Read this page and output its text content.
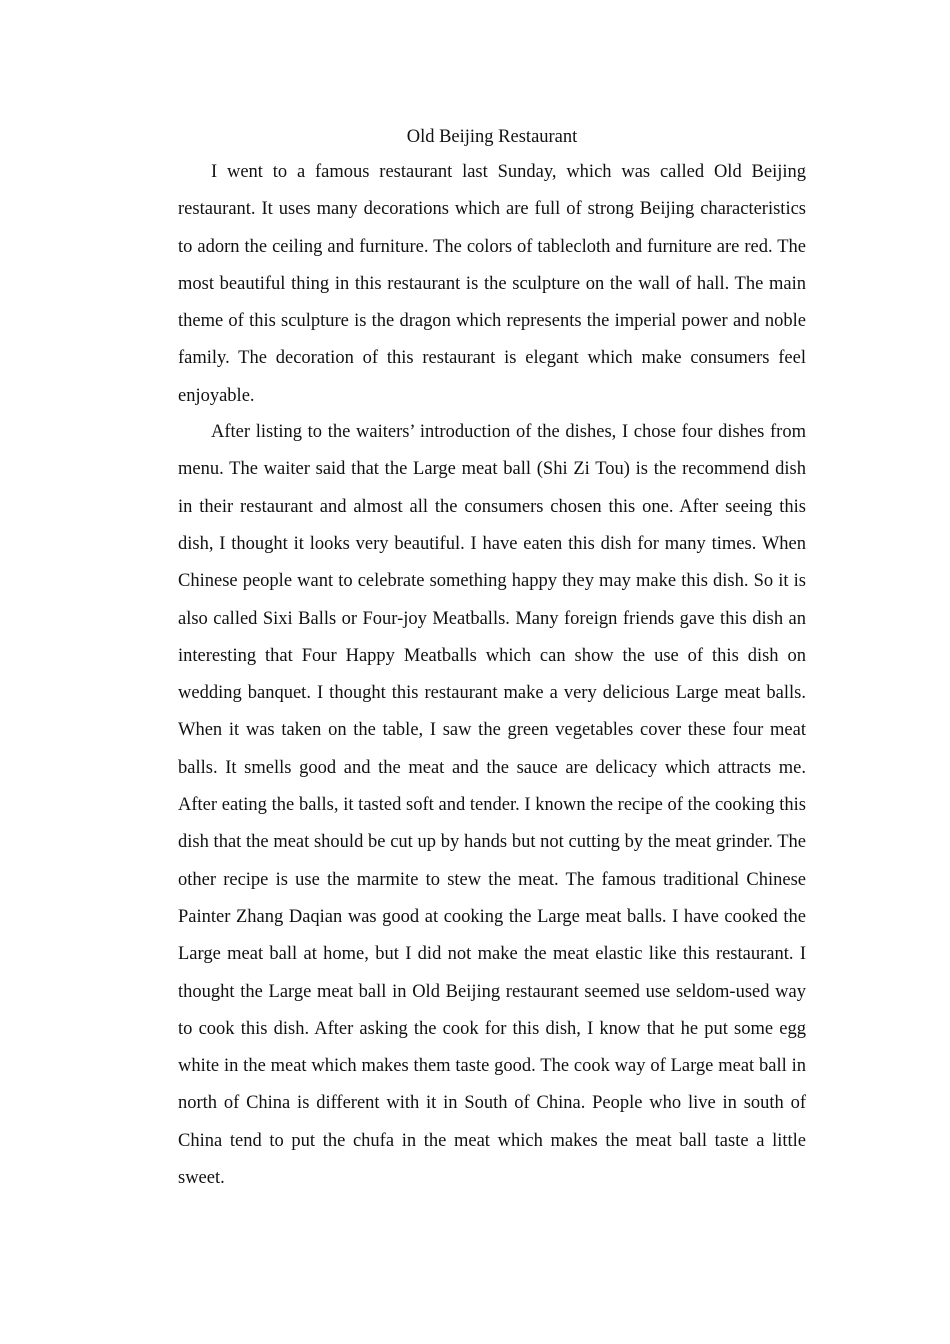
Old Beijing Restaurant

I went to a famous restaurant last Sunday, which was called Old Beijing restaurant. It uses many decorations which are full of strong Beijing characteristics to adorn the ceiling and furniture. The colors of tablecloth and furniture are red. The most beautiful thing in this restaurant is the sculpture on the wall of hall. The main theme of this sculpture is the dragon which represents the imperial power and noble family. The decoration of this restaurant is elegant which make consumers feel enjoyable.

After listing to the waiters’ introduction of the dishes, I chose four dishes from menu. The waiter said that the Large meat ball (Shi Zi Tou) is the recommend dish in their restaurant and almost all the consumers chosen this one. After seeing this dish, I thought it looks very beautiful. I have eaten this dish for many times. When Chinese people want to celebrate something happy they may make this dish. So it is also called Sixi Balls or Four-joy Meatballs. Many foreign friends gave this dish an interesting that Four Happy Meatballs which can show the use of this dish on wedding banquet. I thought this restaurant make a very delicious Large meat balls. When it was taken on the table, I saw the green vegetables cover these four meat balls. It smells good and the meat and the sauce are delicacy which attracts me. After eating the balls, it tasted soft and tender. I known the recipe of the cooking this dish that the meat should be cut up by hands but not cutting by the meat grinder. The other recipe is use the marmite to stew the meat. The famous traditional Chinese Painter Zhang Daqian was good at cooking the Large meat balls. I have cooked the Large meat ball at home, but I did not make the meat elastic like this restaurant. I thought the Large meat ball in Old Beijing restaurant seemed use seldom-used way to cook this dish. After asking the cook for this dish, I know that he put some egg white in the meat which makes them taste good. The cook way of Large meat ball in north of China is different with it in South of China. People who live in south of China tend to put the chufa in the meat which makes the meat ball taste a little sweet.
